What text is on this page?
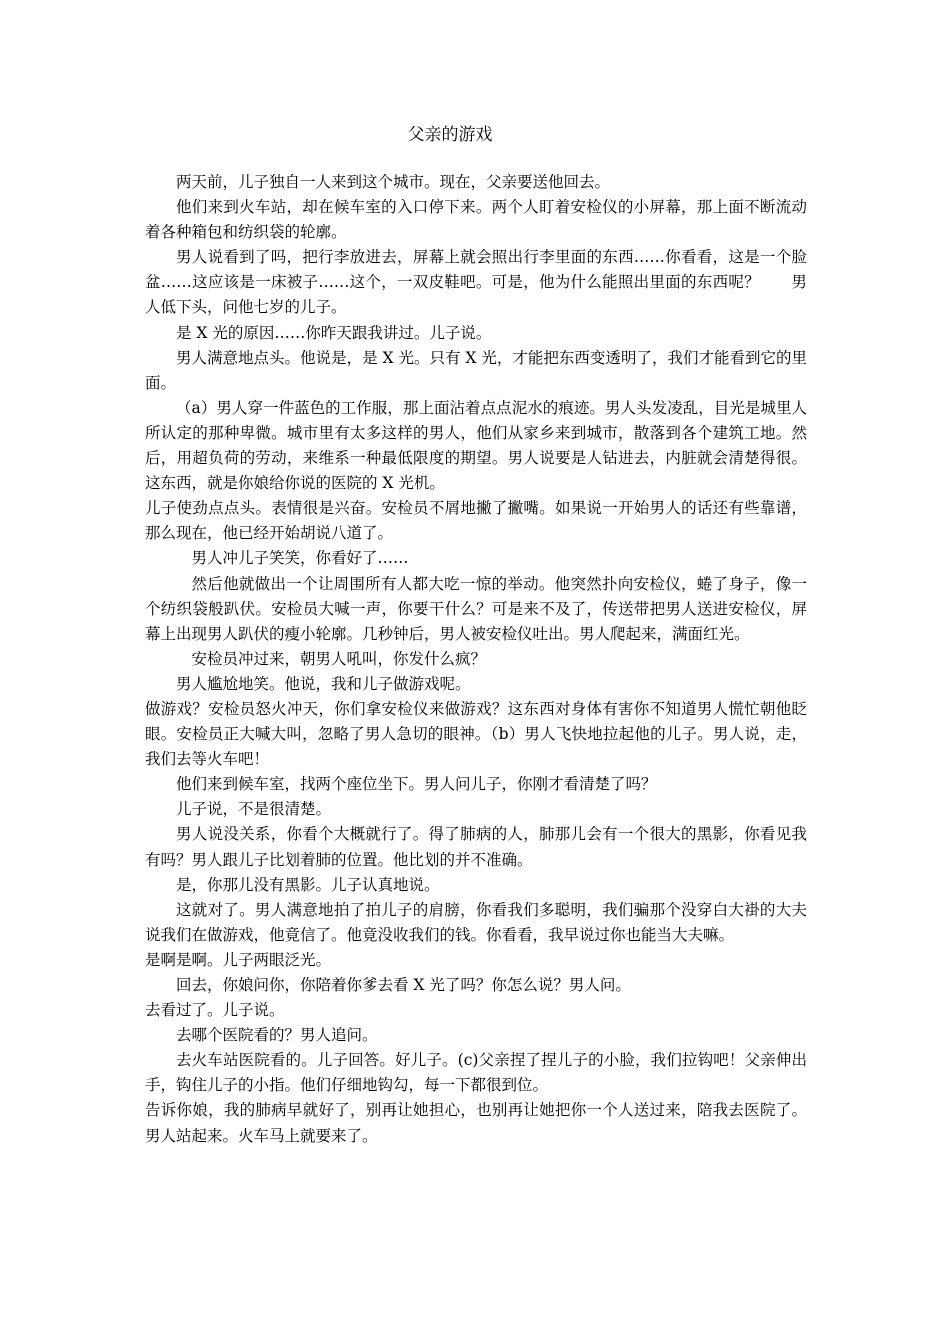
父亲的游戏

两天前，儿子独自一人来到这个城市。现在，父亲要送他回去。

他们来到火车站，却在候车室的入口停下来。两个人盯着安检仪的小屏幕，那上面不断流动着各种箱包和纺织袋的轮廓。

男人说看到了吗，把行李放进去，屏幕上就会照出行李里面的东西……你看看，这是一个脸盆……这应该是一床被子……这个，一双皮鞋吧。可是，他为什么能照出里面的东西呢？　　男人低下头，问他七岁的儿子。

是 X 光的原因……你昨天跟我讲过。儿子说。

男人满意地点头。他说是，是 X 光。只有 X 光，才能把东西变透明了，我们才能看到它的里面。

（a）男人穿一件蓝色的工作服，那上面沾着点点泥水的痕迹。男人头发凌乱，目光是城里人所认定的那种卑微。城市里有太多这样的男人，他们从家乡来到城市，散落到各个建筑工地。然后，用超负荷的劳动，来维系一种最低限度的期望。男人说要是人钻进去，内脏就会清楚得很。这东西，就是你娘给你说的医院的 X 光机。

儿子使劲点点头。表情很是兴奋。安检员不屑地撇了撇嘴。如果说一开始男人的话还有些靠谱，那么现在，他已经开始胡说八道了。

男人冲儿子笑笑，你看好了……

然后他就做出一个让周围所有人都大吃一惊的举动。他突然扑向安检仪，蜷了身子，像一个纺织袋般趴伏。安检员大喊一声，你要干什么？可是来不及了，传送带把男人送进安检仪，屏幕上出现男人趴伏的瘦小轮廓。几秒钟后，男人被安检仪吐出。男人爬起来，满面红光。

安检员冲过来，朝男人吼叫，你发什么疯？

男人尴尬地笑。他说，我和儿子做游戏呢。

做游戏？安检员怒火冲天，你们拿安检仪来做游戏？这东西对身体有害你不知道男人慌忙朝他眨眼。安检员正大喊大叫，忽略了男人急切的眼神。（b）男人飞快地拉起他的儿子。男人说，走，我们去等火车吧！

他们来到候车室，找两个座位坐下。男人问儿子，你刚才看清楚了吗？

儿子说，不是很清楚。

男人说没关系，你看个大概就行了。得了肺病的人，肺那儿会有一个很大的黑影，你看见我有吗？男人跟儿子比划着肺的位置。他比划的并不准确。

是，你那儿没有黑影。儿子认真地说。

这就对了。男人满意地拍了拍儿子的肩膀，你看我们多聪明，我们骗那个没穿白大褂的大夫说我们在做游戏，他竟信了。他竟没收我们的钱。你看看，我早说过你也能当大夫嘛。

是啊是啊。儿子两眼泛光。

回去，你娘问你，你陪着你爹去看 X 光了吗？你怎么说？男人问。

去看过了。儿子说。

去哪个医院看的？男人追问。

去火车站医院看的。儿子回答。好儿子。(c)父亲捏了捏儿子的小脸，我们拉钩吧！父亲伸出手，钩住儿子的小指。他们仔细地钩勾，每一下都很到位。

告诉你娘，我的肺病早就好了，别再让她担心，也别再让她把你一个人送过来，陪我去医院了。男人站起来。火车马上就要来了。
